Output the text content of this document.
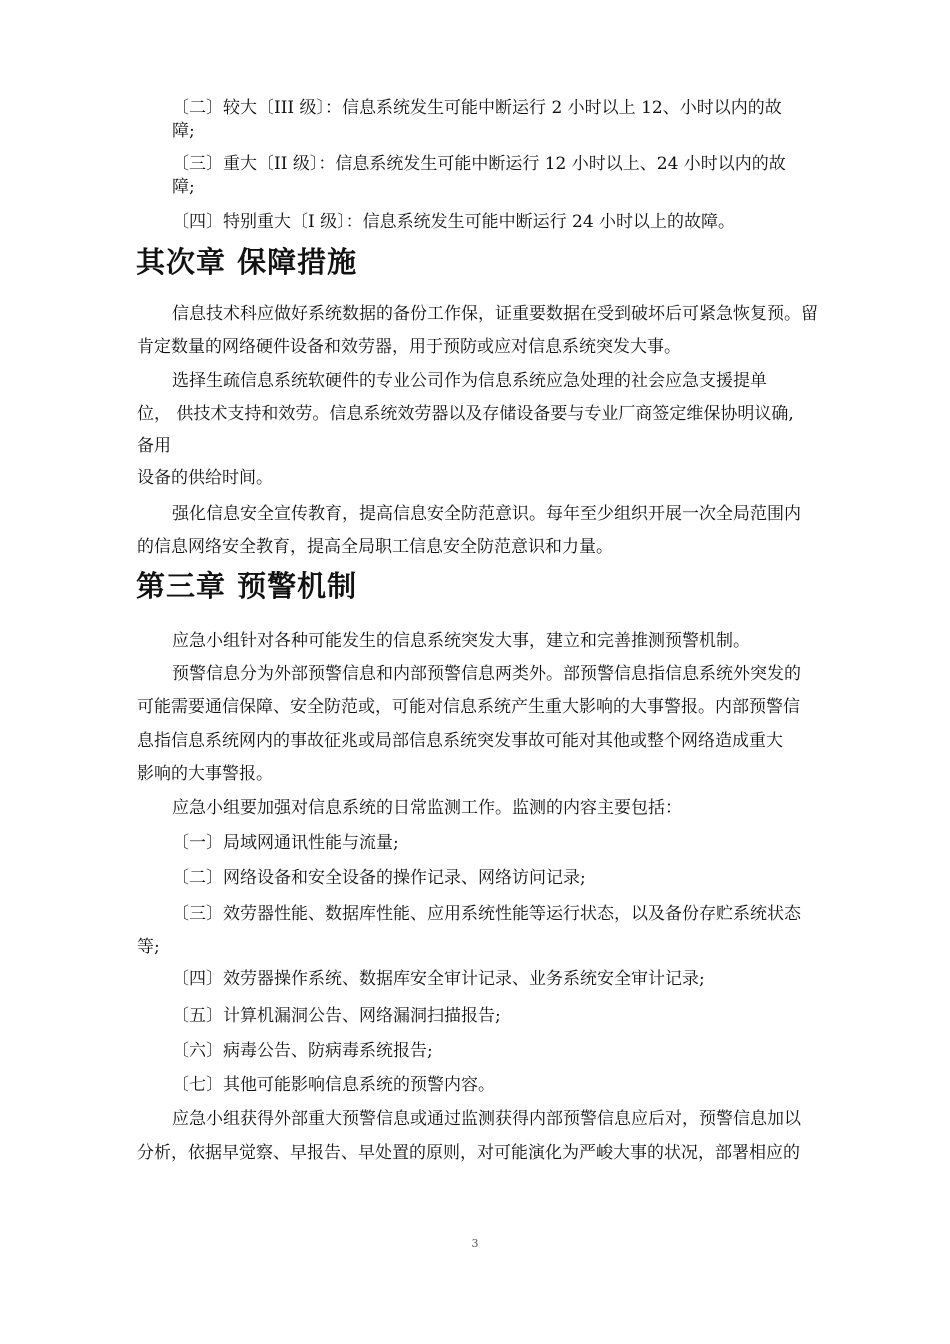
〔二〕较大〔III 级〕：信息系统发生可能中断运行 2 小时以上 12、小时以内的故
障;
〔三〕重大〔II 级〕：信息系统发生可能中断运行 12 小时以上、24 小时以内的故
障;
〔四〕特别重大〔I 级〕：信息系统发生可能中断运行 24 小时以上的故障。
其次章 保障措施
信息技术科应做好系统数据的备份工作保，证重要数据在受到破坏后可紧急恢复预。留
肯定数量的网络硬件设备和效劳器，用于预防或应对信息系统突发大事。
选择生疏信息系统软硬件的专业公司作为信息系统应急处理的社会应急支援提单
位， 供技术支持和效劳。信息系统效劳器以及存储设备要与专业厂商签定维保协明议确,
备用
设备的供给时间。
强化信息安全宣传教育，提高信息安全防范意识。每年至少组织开展一次全局范围内
的信息网络安全教育，提高全局职工信息安全防范意识和力量。
第三章 预警机制
应急小组针对各种可能发生的信息系统突发大事，建立和完善推测预警机制。
预警信息分为外部预警信息和内部预警信息两类外。部预警信息指信息系统外突发的
可能需要通信保障、安全防范或，可能对信息系统产生重大影响的大事警报。内部预警信
息指信息系统网内的事故征兆或局部信息系统突发事故可能对其他或整个网络造成重大
影响的大事警报。
应急小组要加强对信息系统的日常监测工作。监测的内容主要包括：
〔一〕局域网通讯性能与流量;
〔二〕网络设备和安全设备的操作记录、网络访问记录;
〔三〕效劳器性能、数据库性能、应用系统性能等运行状态，以及备份存贮系统状态
等;
〔四〕效劳器操作系统、数据库安全审计记录、业务系统安全审计记录;
〔五〕计算机漏洞公告、网络漏洞扫描报告;
〔六〕病毒公告、防病毒系统报告;
〔七〕其他可能影响信息系统的预警内容。
应急小组获得外部重大预警信息或通过监测获得内部预警信息应后对，预警信息加以
分析，依据早觉察、早报告、早处置的原则，对可能演化为严峻大事的状况，部署相应的
3
